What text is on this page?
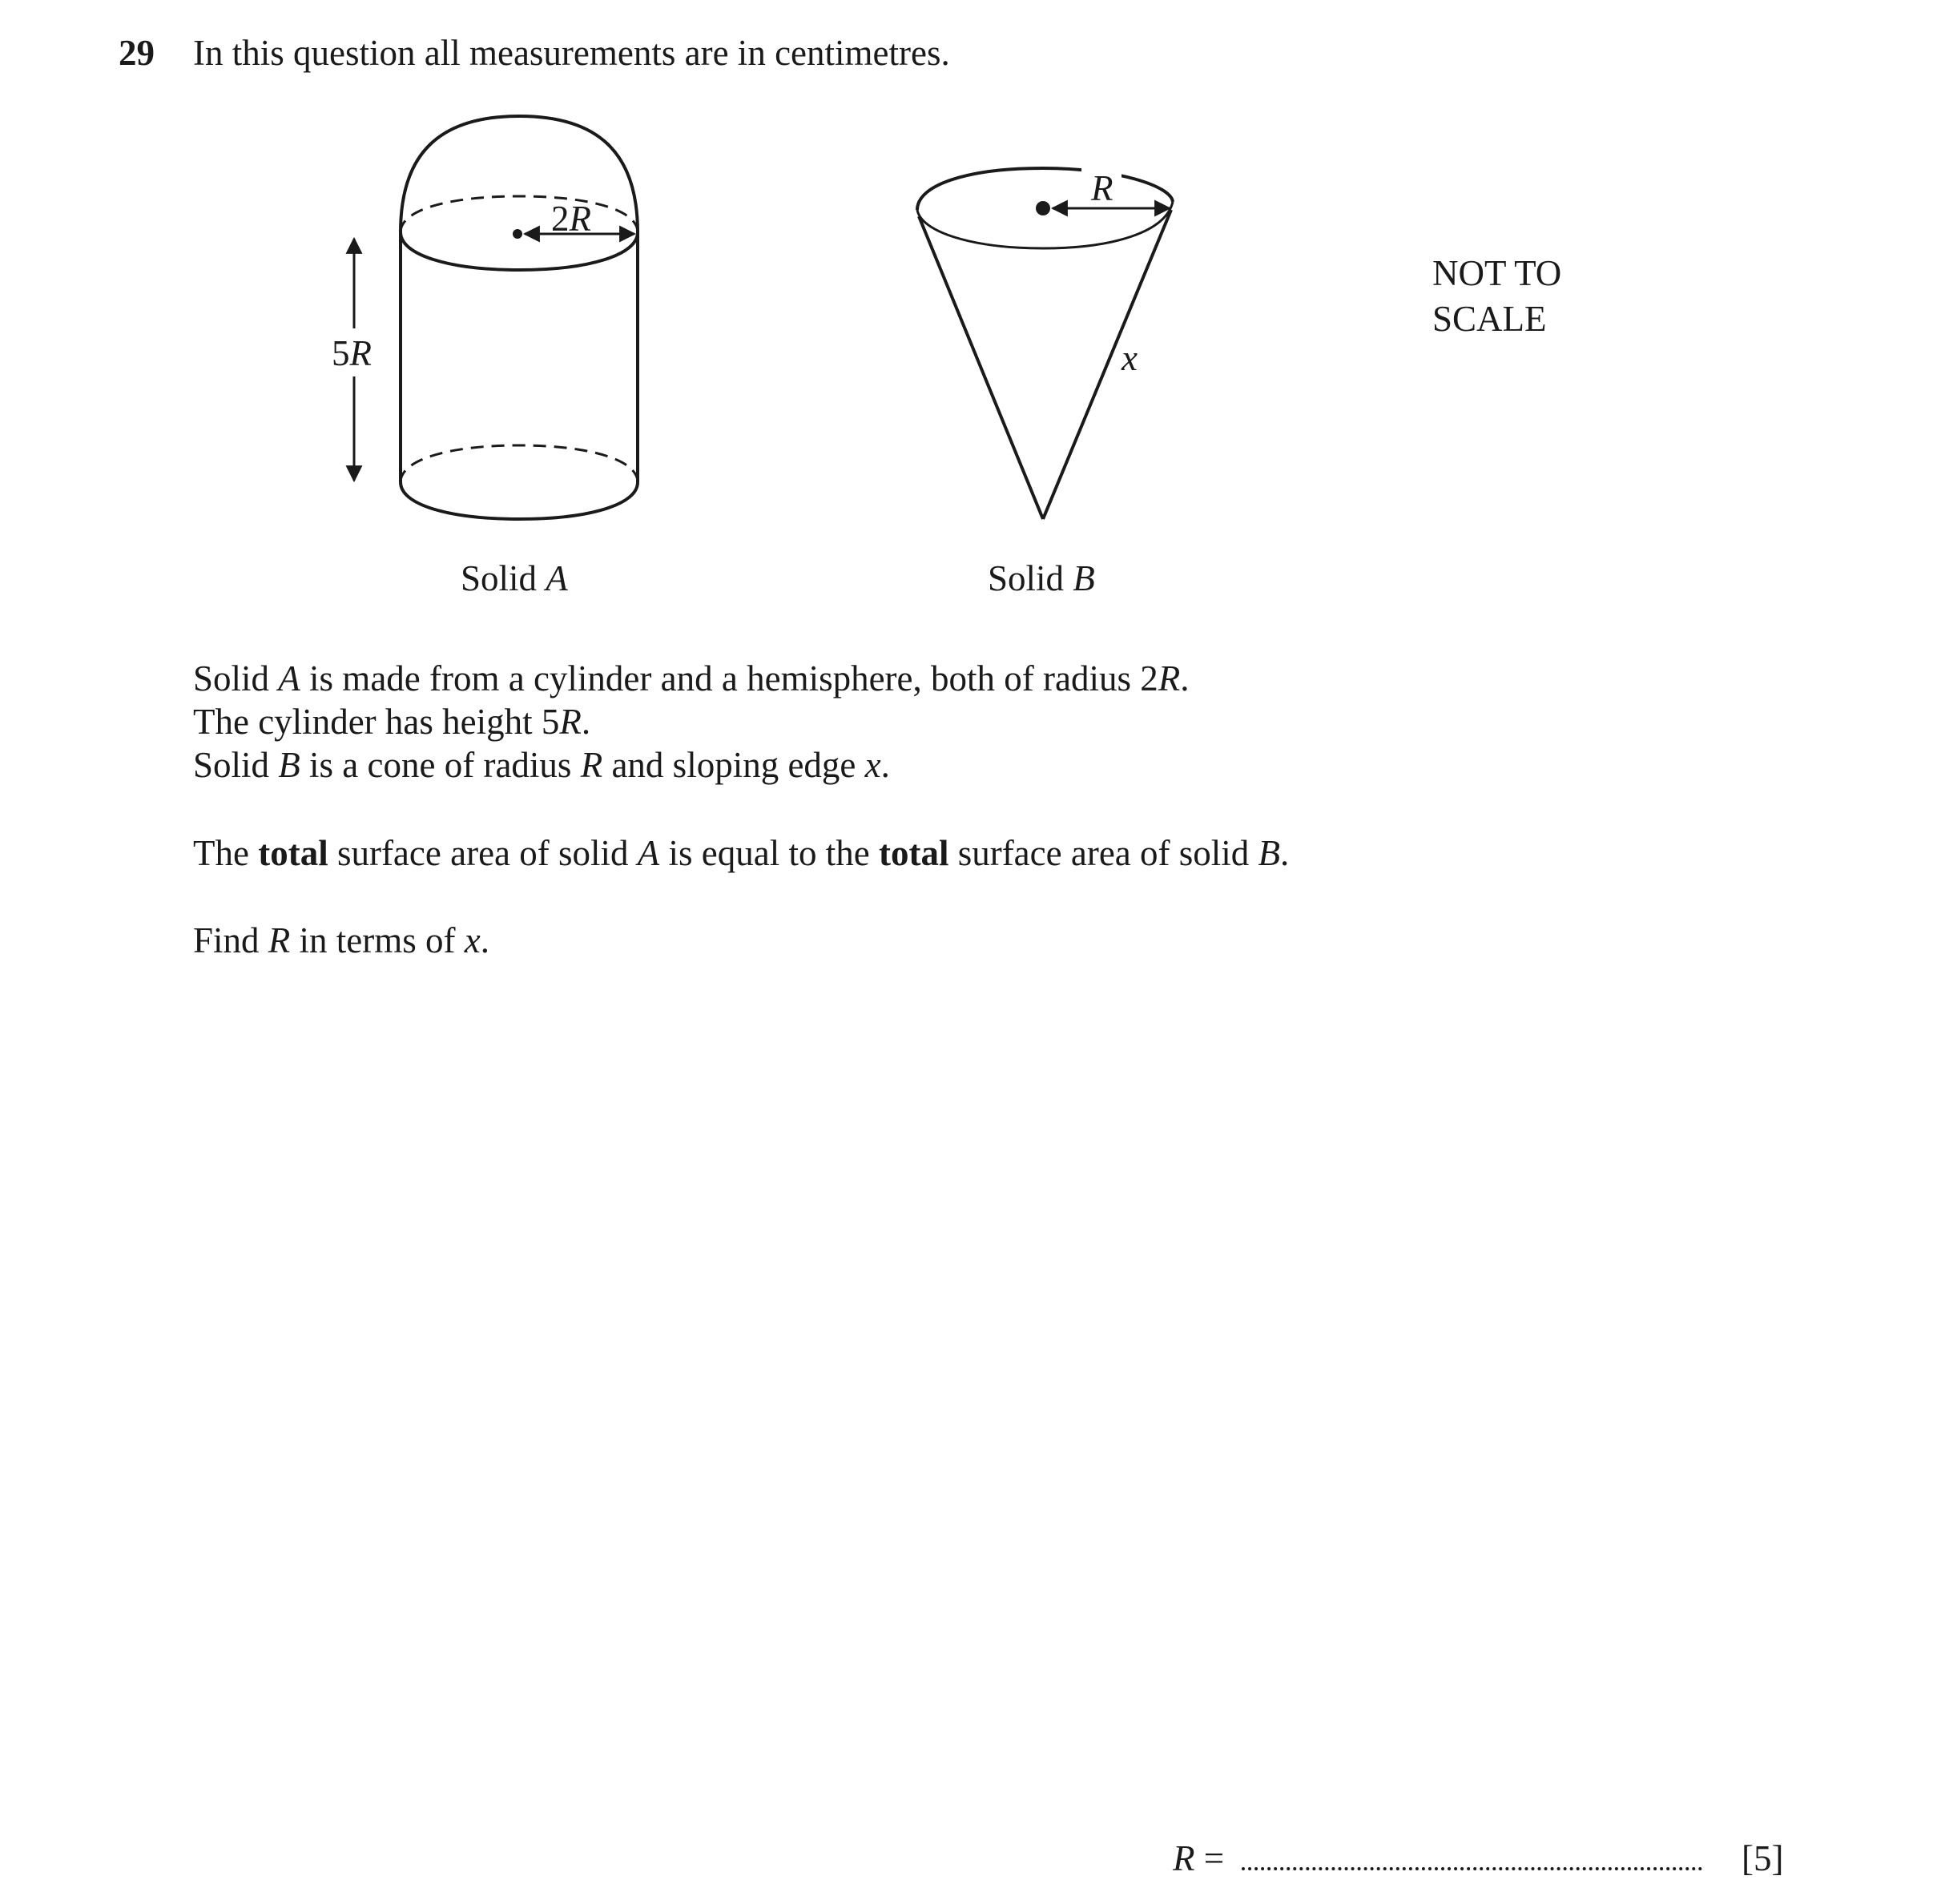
29 In this question all measurements are in centimetres.
2R
5R
R
x
NOT TO
SCALE
Solid A	Solid B
Solid A is made from a cylinder and a hemisphere, both of radius 2R.
The cylinder has height 5R.
Solid B is a cone of radius R and sloping edge x.
The total surface area of solid A is equal to the total surface area of solid B.
Find R in terms of x.
R =	[5]
